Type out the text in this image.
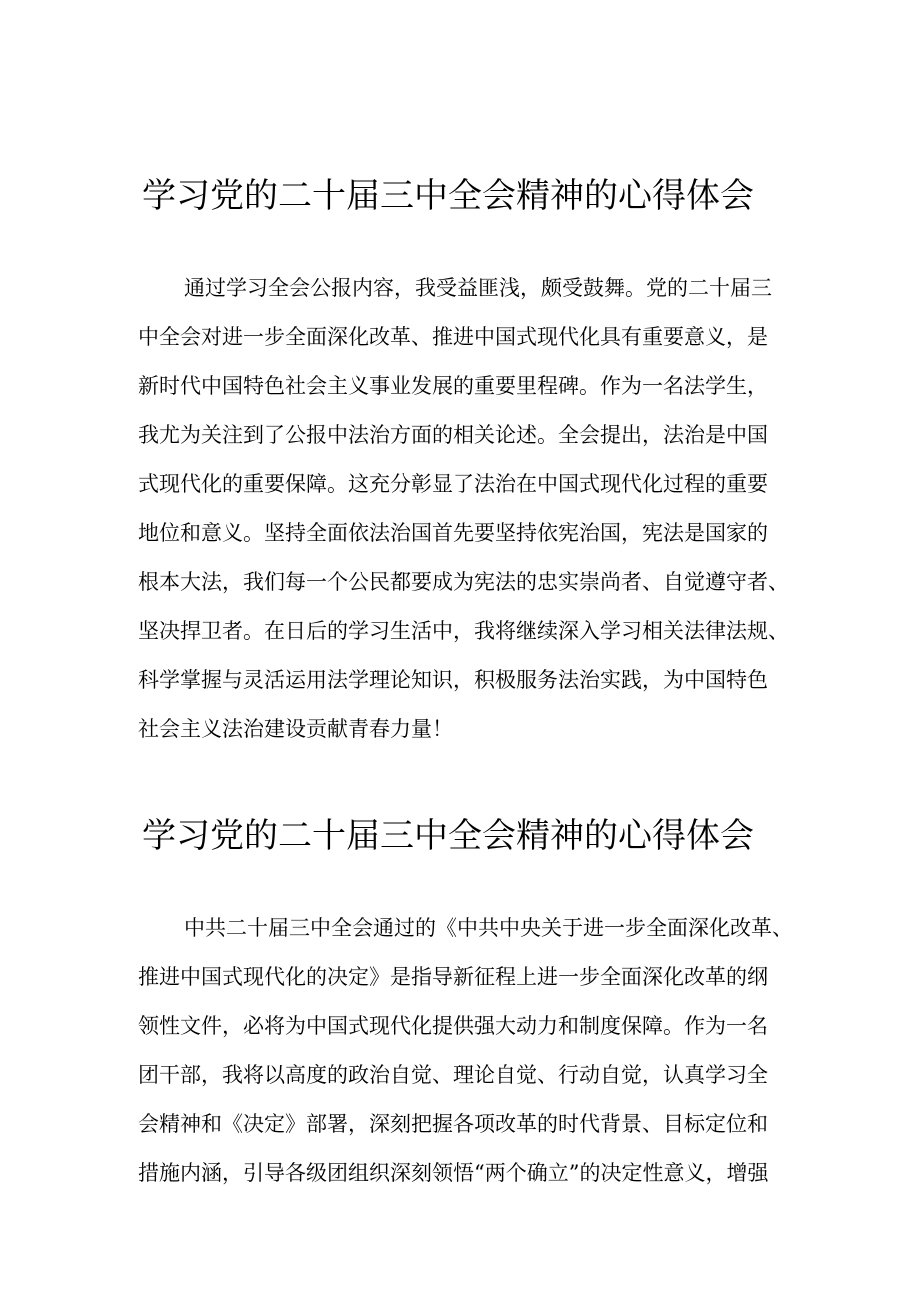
学习党的二十届三中全会精神的心得体会
通过学习全会公报内容，我受益匪浅，颇受鼓舞。党的二十届三
中全会对进一步全面深化改革、推进中国式现代化具有重要意义，是
新时代中国特色社会主义事业发展的重要里程碑。作为一名法学生，
我尤为关注到了公报中法治方面的相关论述。全会提出，法治是中国
式现代化的重要保障。这充分彰显了法治在中国式现代化过程的重要
地位和意义。坚持全面依法治国首先要坚持依宪治国，宪法是国家的
根本大法，我们每一个公民都要成为宪法的忠实崇尚者、自觉遵守者、
坚决捍卫者。在日后的学习生活中，我将继续深入学习相关法律法规、
科学掌握与灵活运用法学理论知识，积极服务法治实践，为中国特色
社会主义法治建设贡献青春力量！
学习党的二十届三中全会精神的心得体会
中共二十届三中全会通过的《中共中央关于进一步全面深化改革、
推进中国式现代化的决定》是指导新征程上进一步全面深化改革的纲
领性文件，必将为中国式现代化提供强大动力和制度保障。作为一名
团干部，我将以高度的政治自觉、理论自觉、行动自觉，认真学习全
会精神和《决定》部署，深刻把握各项改革的时代背景、目标定位和
措施内涵，引导各级团组织深刻领悟“两个确立”的决定性意义，增强
